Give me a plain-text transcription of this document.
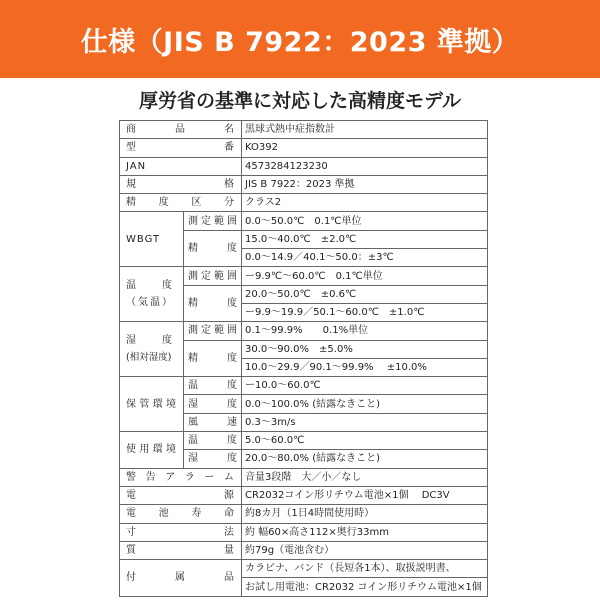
仕様（JIS B 7922：2023 準拠）
厚労省の基準に対応した高精度モデル
商品名		黒球式熱中症指数計
型番		KO392
JAN		4573284123230
規格		JIS B 7922：2023 準拠
精度区分		クラス2
WBGT	測定範囲	0.0〜50.0℃　0.1℃単位
	精度	15.0〜40.0℃　±2.0℃
		0.0〜14.9／40.1〜50.0：±3℃

温度
（気温）	測定範囲	ー9.9℃〜60.0℃　0.1℃単位
	精度	20.0〜50.0℃　±0.6℃
		ー9.9〜19.9／50.1〜60.0℃　±1.0℃

湿度
(相対湿度)	測定範囲	0.1〜99.9%　　0.1%単位
	精度	30.0〜90.0%　±5.0%
		10.0〜29.9／90.1〜99.9%　 ±10.0%
保管環境	温度	ー10.0〜60.0℃
	湿度	0.0〜100.0% (結露なきこと)
	風速	0.3〜3m/s
使用環境	温度	5.0〜60.0℃
	湿度	20.0〜80.0% (結露なきこと)
警告アラーム		音量3段階　大／小／なし
電源		CR2032コイン形リチウム電池×1個　 DC3V
電池寿命		約8カ月（1日4時間使用時）
寸法		約 幅60×高さ112×奥行33mm
質量		約79g（電池含む）
付属品		カラビナ、バンド（長短各1本）、取扱説明書、
		お試し用電池：CR2032 コイン形リチウム電池×1個
